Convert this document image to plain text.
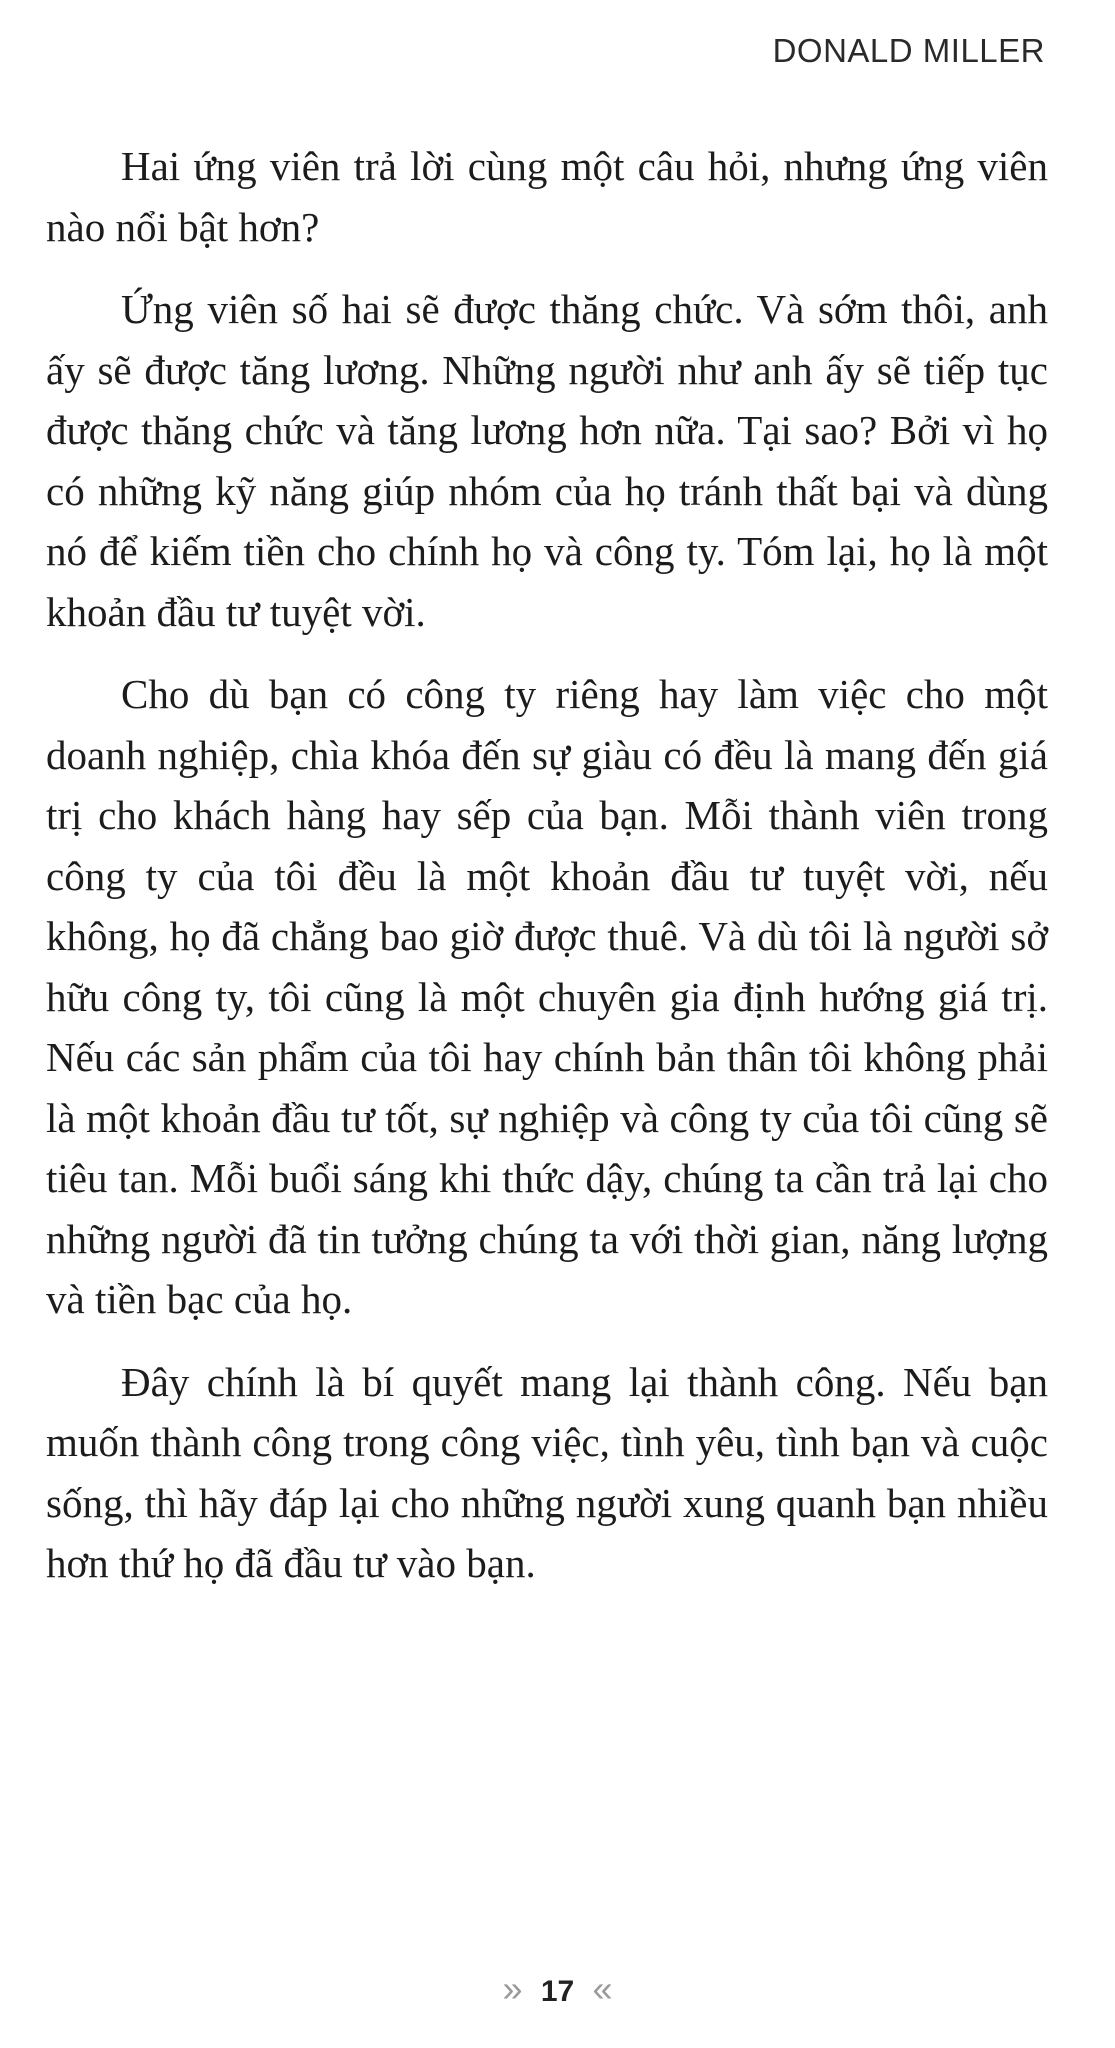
DONALD MILLER

Hai ứng viên trả lời cùng một câu hỏi, nhưng ứng viên nào nổi bật hơn?

Ứng viên số hai sẽ được thăng chức. Và sớm thôi, anh ấy sẽ được tăng lương. Những người như anh ấy sẽ tiếp tục được thăng chức và tăng lương hơn nữa. Tại sao? Bởi vì họ có những kỹ năng giúp nhóm của họ tránh thất bại và dùng nó để kiếm tiền cho chính họ và công ty. Tóm lại, họ là một khoản đầu tư tuyệt vời.

Cho dù bạn có công ty riêng hay làm việc cho một doanh nghiệp, chìa khóa đến sự giàu có đều là mang đến giá trị cho khách hàng hay sếp của bạn. Mỗi thành viên trong công ty của tôi đều là một khoản đầu tư tuyệt vời, nếu không, họ đã chẳng bao giờ được thuê. Và dù tôi là người sở hữu công ty, tôi cũng là một chuyên gia định hướng giá trị. Nếu các sản phẩm của tôi hay chính bản thân tôi không phải là một khoản đầu tư tốt, sự nghiệp và công ty của tôi cũng sẽ tiêu tan. Mỗi buổi sáng khi thức dậy, chúng ta cần trả lại cho những người đã tin tưởng chúng ta với thời gian, năng lượng và tiền bạc của họ.

Đây chính là bí quyết mang lại thành công. Nếu bạn muốn thành công trong công việc, tình yêu, tình bạn và cuộc sống, thì hãy đáp lại cho những người xung quanh bạn nhiều hơn thứ họ đã đầu tư vào bạn.

» 17 «
